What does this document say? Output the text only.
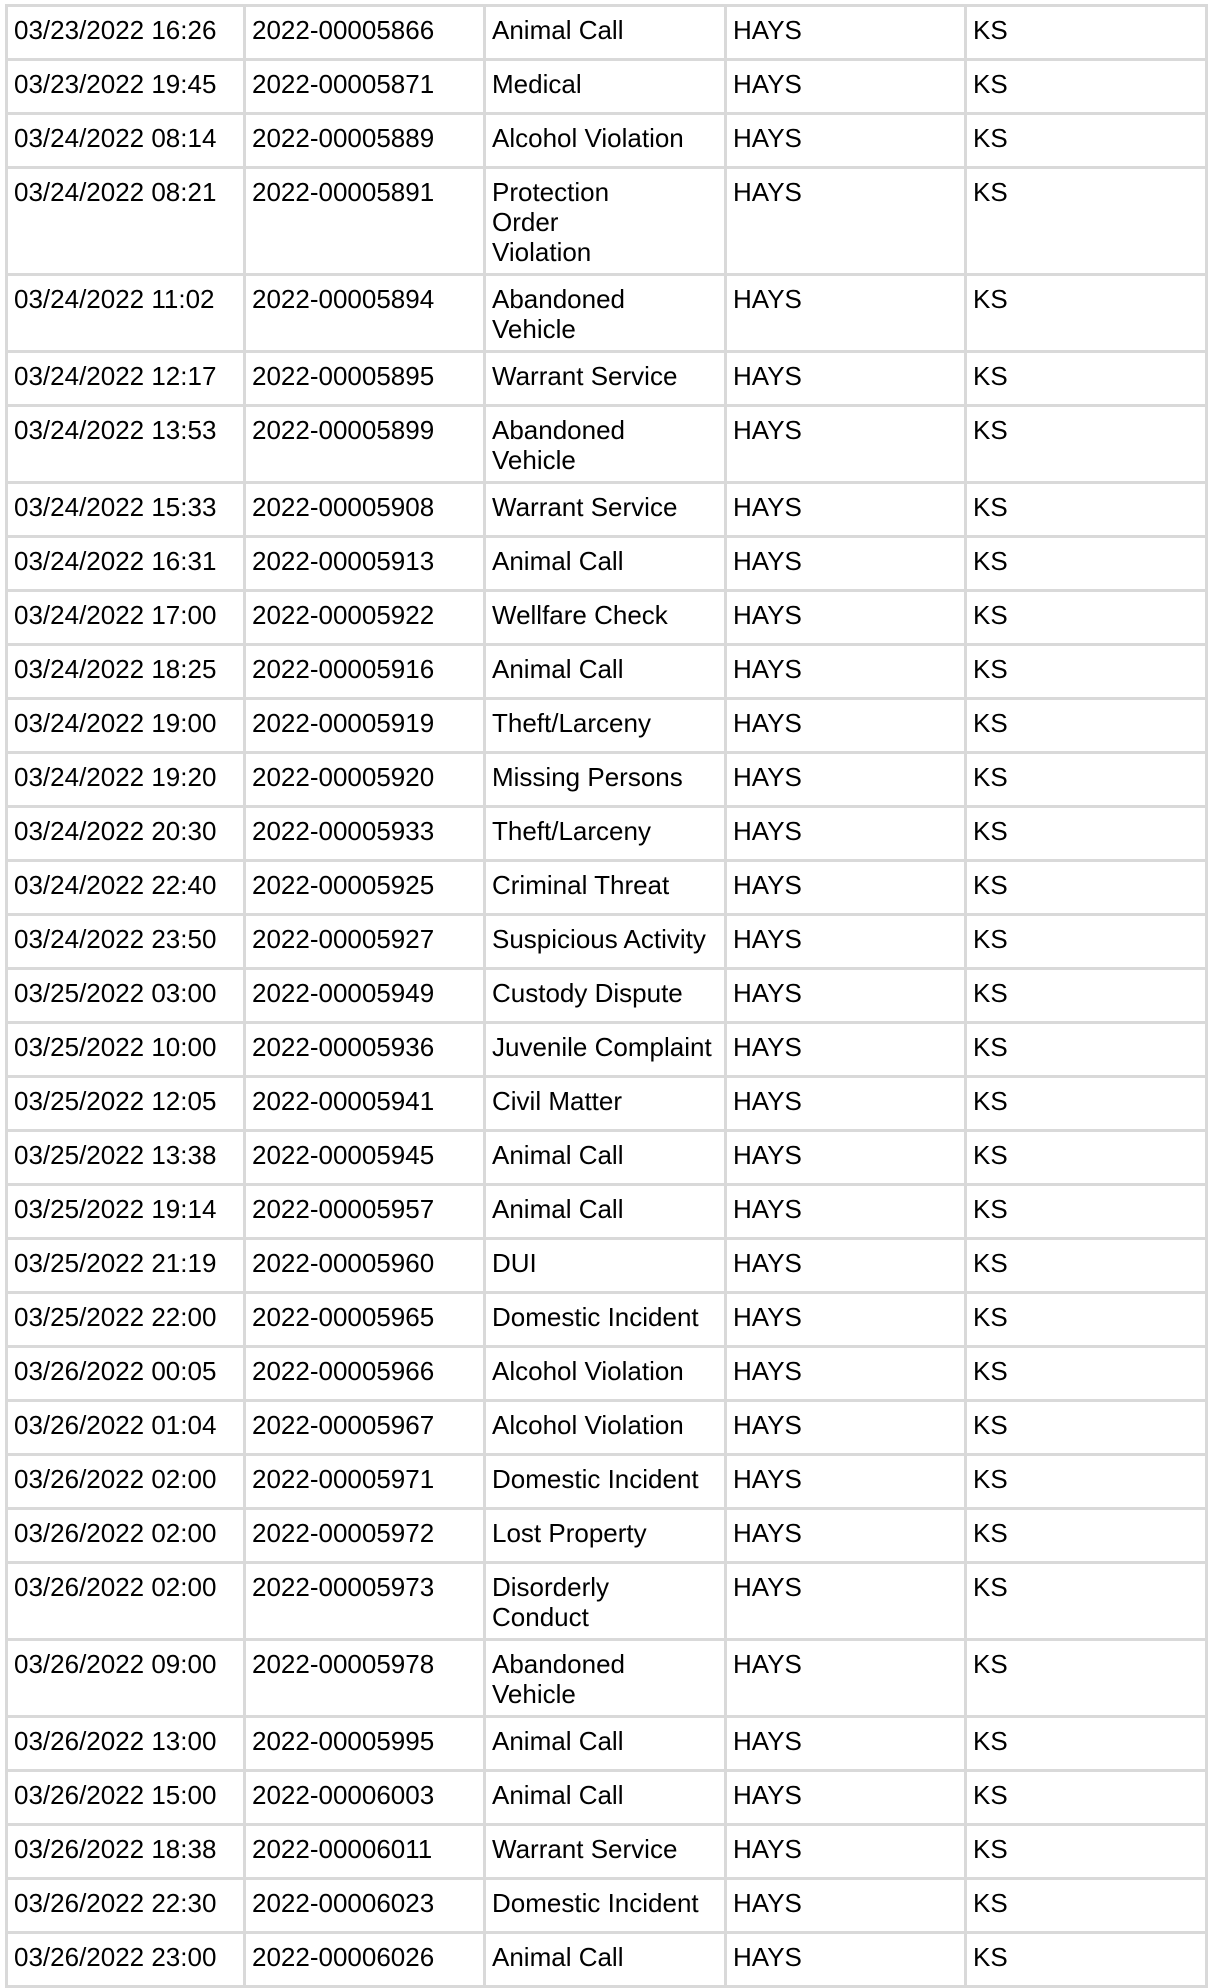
03/23/2022 16:26	2022-00005866	Animal Call	HAYS	KS
03/23/2022 19:45	2022-00005871	Medical	HAYS	KS
03/24/2022 08:14	2022-00005889	Alcohol Violation	HAYS	KS
03/24/2022 08:21	2022-00005891	Protection Order Violation	HAYS	KS
03/24/2022 11:02	2022-00005894	Abandoned Vehicle	HAYS	KS
03/24/2022 12:17	2022-00005895	Warrant Service	HAYS	KS
03/24/2022 13:53	2022-00005899	Abandoned Vehicle	HAYS	KS
03/24/2022 15:33	2022-00005908	Warrant Service	HAYS	KS
03/24/2022 16:31	2022-00005913	Animal Call	HAYS	KS
03/24/2022 17:00	2022-00005922	Wellfare Check	HAYS	KS
03/24/2022 18:25	2022-00005916	Animal Call	HAYS	KS
03/24/2022 19:00	2022-00005919	Theft/Larceny	HAYS	KS
03/24/2022 19:20	2022-00005920	Missing Persons	HAYS	KS
03/24/2022 20:30	2022-00005933	Theft/Larceny	HAYS	KS
03/24/2022 22:40	2022-00005925	Criminal Threat	HAYS	KS
03/24/2022 23:50	2022-00005927	Suspicious Activity	HAYS	KS
03/25/2022 03:00	2022-00005949	Custody Dispute	HAYS	KS
03/25/2022 10:00	2022-00005936	Juvenile Complaint	HAYS	KS
03/25/2022 12:05	2022-00005941	Civil Matter	HAYS	KS
03/25/2022 13:38	2022-00005945	Animal Call	HAYS	KS
03/25/2022 19:14	2022-00005957	Animal Call	HAYS	KS
03/25/2022 21:19	2022-00005960	DUI	HAYS	KS
03/25/2022 22:00	2022-00005965	Domestic Incident	HAYS	KS
03/26/2022 00:05	2022-00005966	Alcohol Violation	HAYS	KS
03/26/2022 01:04	2022-00005967	Alcohol Violation	HAYS	KS
03/26/2022 02:00	2022-00005971	Domestic Incident	HAYS	KS
03/26/2022 02:00	2022-00005972	Lost Property	HAYS	KS
03/26/2022 02:00	2022-00005973	Disorderly Conduct	HAYS	KS
03/26/2022 09:00	2022-00005978	Abandoned Vehicle	HAYS	KS
03/26/2022 13:00	2022-00005995	Animal Call	HAYS	KS
03/26/2022 15:00	2022-00006003	Animal Call	HAYS	KS
03/26/2022 18:38	2022-00006011	Warrant Service	HAYS	KS
03/26/2022 22:30	2022-00006023	Domestic Incident	HAYS	KS
03/26/2022 23:00	2022-00006026	Animal Call	HAYS	KS
